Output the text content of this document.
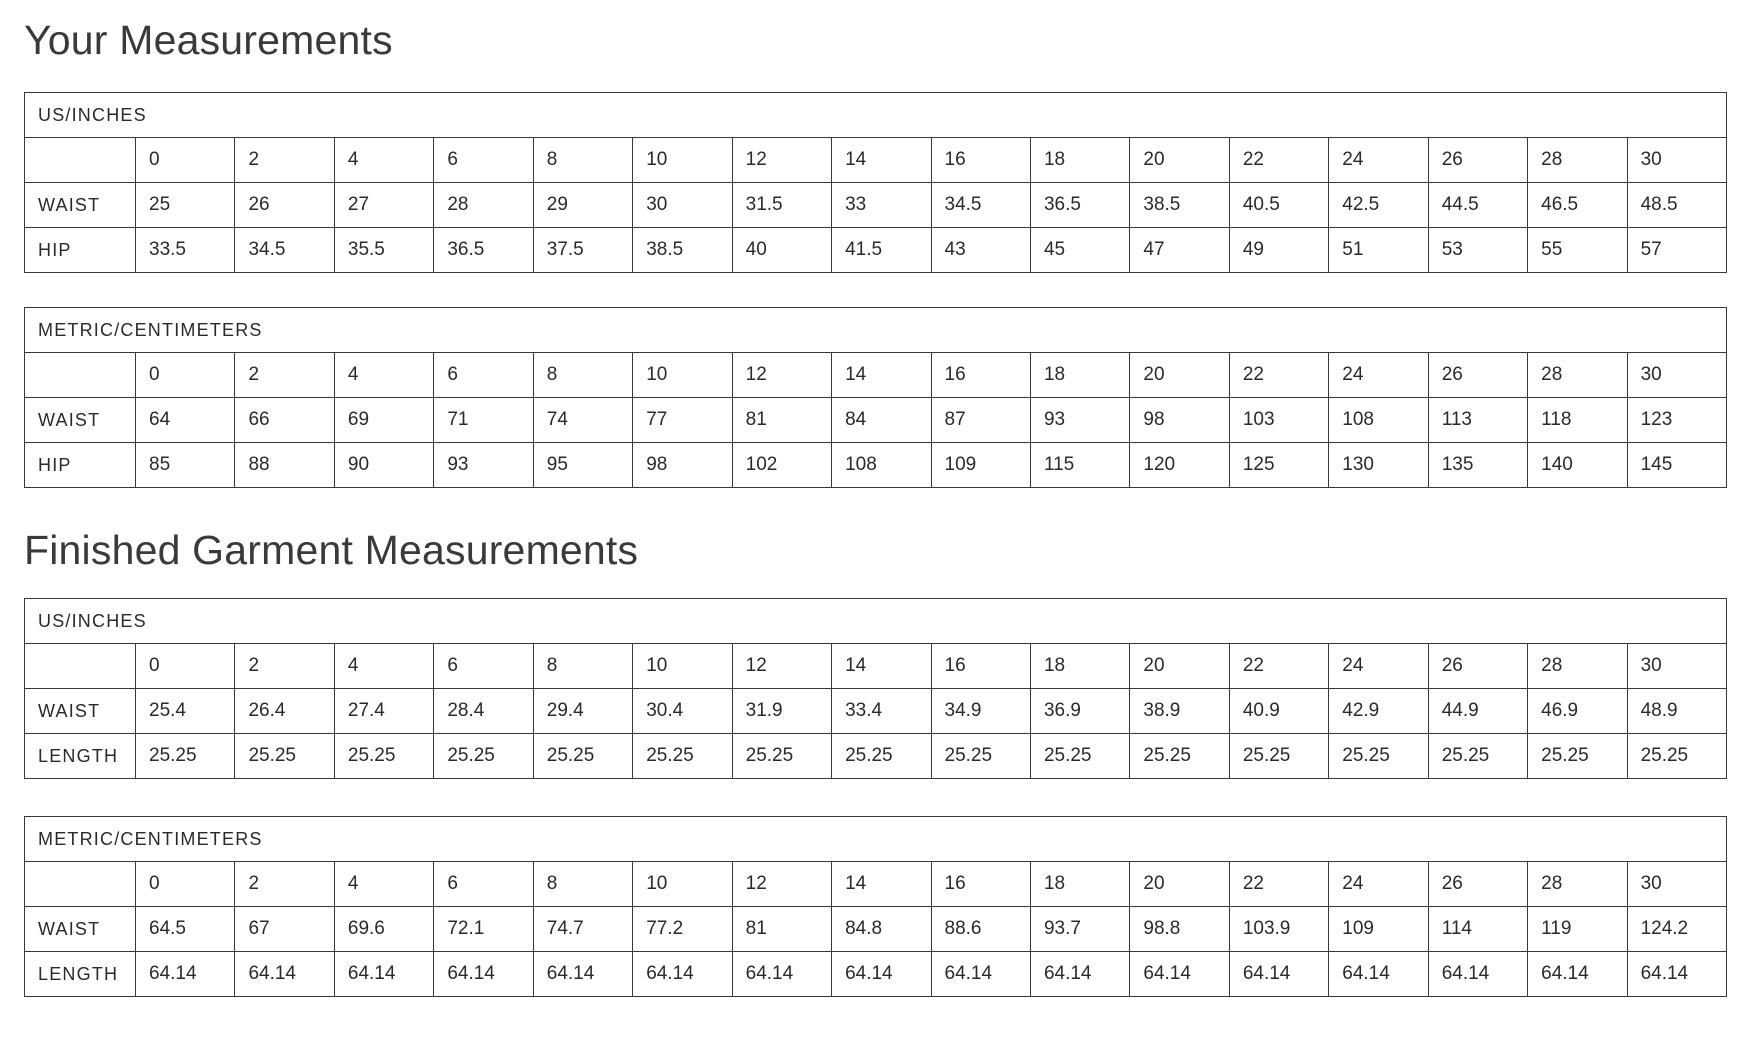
Your Measurements
US/INCHES																
	0	2	4	6	8	10	12	14	16	18	20	22	24	26	28	30
WAIST	25	26	27	28	29	30	31.5	33	34.5	36.5	38.5	40.5	42.5	44.5	46.5	48.5
HIP	33.5	34.5	35.5	36.5	37.5	38.5	40	41.5	43	45	47	49	51	53	55	57
METRIC/CENTIMETERS																
	0	2	4	6	8	10	12	14	16	18	20	22	24	26	28	30
WAIST	64	66	69	71	74	77	81	84	87	93	98	103	108	113	118	123
HIP	85	88	90	93	95	98	102	108	109	115	120	125	130	135	140	145
Finished Garment Measurements
US/INCHES																
	0	2	4	6	8	10	12	14	16	18	20	22	24	26	28	30
WAIST	25.4	26.4	27.4	28.4	29.4	30.4	31.9	33.4	34.9	36.9	38.9	40.9	42.9	44.9	46.9	48.9
LENGTH	25.25	25.25	25.25	25.25	25.25	25.25	25.25	25.25	25.25	25.25	25.25	25.25	25.25	25.25	25.25	25.25
METRIC/CENTIMETERS																
	0	2	4	6	8	10	12	14	16	18	20	22	24	26	28	30
WAIST	64.5	67	69.6	72.1	74.7	77.2	81	84.8	88.6	93.7	98.8	103.9	109	114	119	124.2
LENGTH	64.14	64.14	64.14	64.14	64.14	64.14	64.14	64.14	64.14	64.14	64.14	64.14	64.14	64.14	64.14	64.14
